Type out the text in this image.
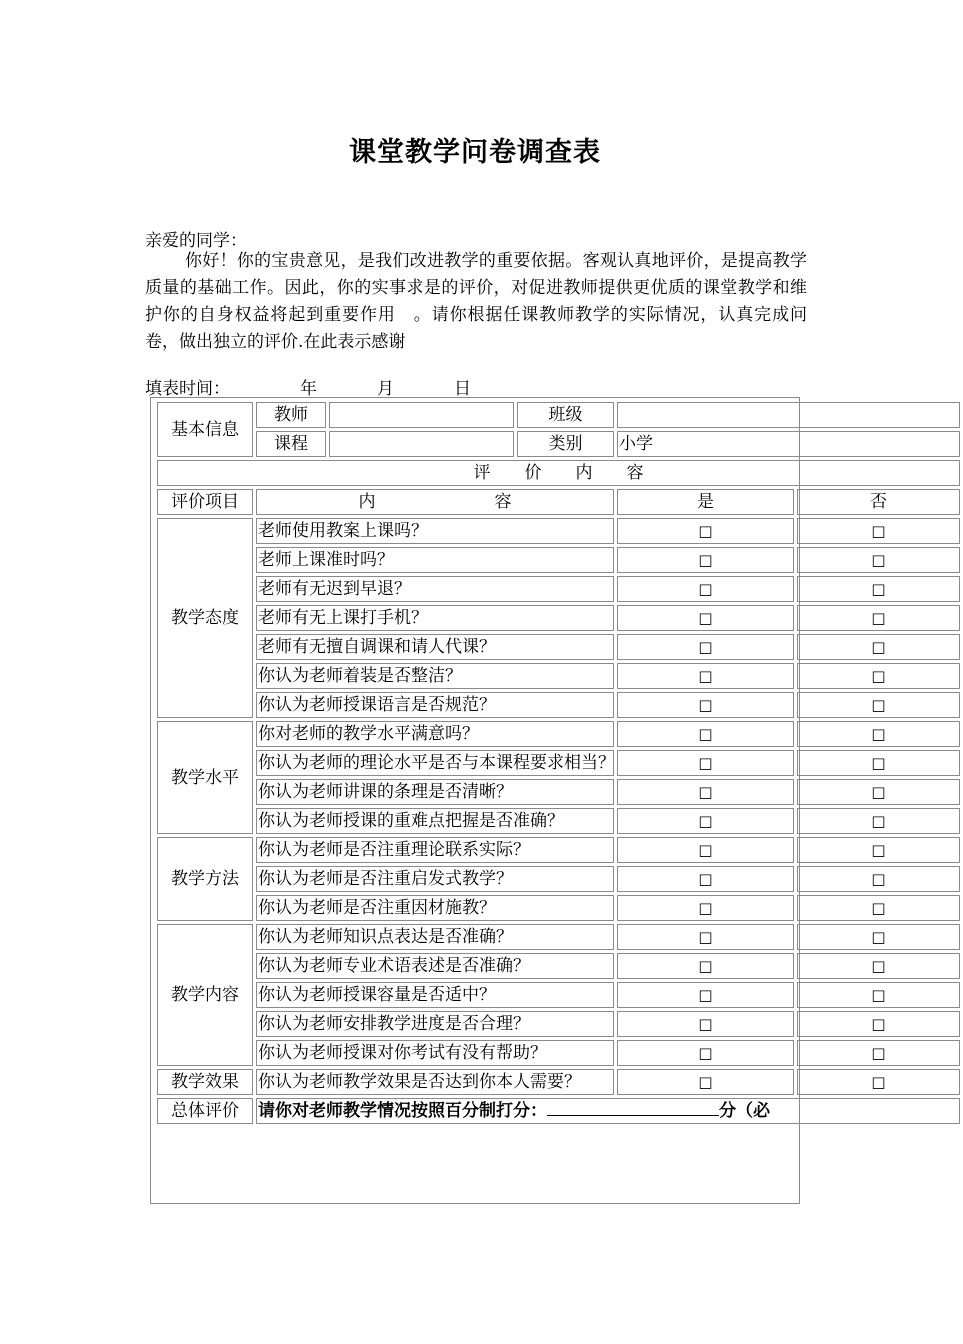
课堂教学问卷调查表
亲爱的同学：
你好！你的宝贵意见，是我们改进教学的重要依据。客观认真地评价，是提高教学质量的基础工作。因此，你的实事求是的评价，对促进教师提供更优质的课堂教学和维护你的自身权益将起到重要作用　。请你根据任课教师教学的实际情况，认真完成问卷，做出独立的评价.在此表示感谢
填表时间：	年	月	日
基本信息	教师		班级		
	课程		类别	小学	
评　　价　　内　　容					
评价项目	内　　　　　　　容			是	否
教学态度	老师使用教案上课吗？			□	□
	老师上课准时吗？			□	□
	老师有无迟到早退？			□	□
	老师有无上课打手机？			□	□
	老师有无擅自调课和请人代课？			□	□
	你认为老师着装是否整洁？			□	□
	你认为老师授课语言是否规范？			□	□
教学水平	你对老师的教学水平满意吗？			□	□
	你认为老师的理论水平是否与本课程要求相当？			□	□
	你认为老师讲课的条理是否清晰？			□	□
	你认为老师授课的重难点把握是否准确？			□	□
教学方法	你认为老师是否注重理论联系实际？			□	□
	你认为老师是否注重启发式教学？			□	□
	你认为老师是否注重因材施教？			□	□
教学内容	你认为老师知识点表达是否准确？			□	□
	你认为老师专业术语表述是否准确？			□	□
	你认为老师授课容量是否适中？			□	□
	你认为老师安排教学进度是否合理？			□	□
	你认为老师授课对你考试有没有帮助？			□	□
教学效果	你认为老师教学效果是否达到你本人需要？			□	□
总体评价	请你对老师教学情况按照百分制打分： 分（必				
